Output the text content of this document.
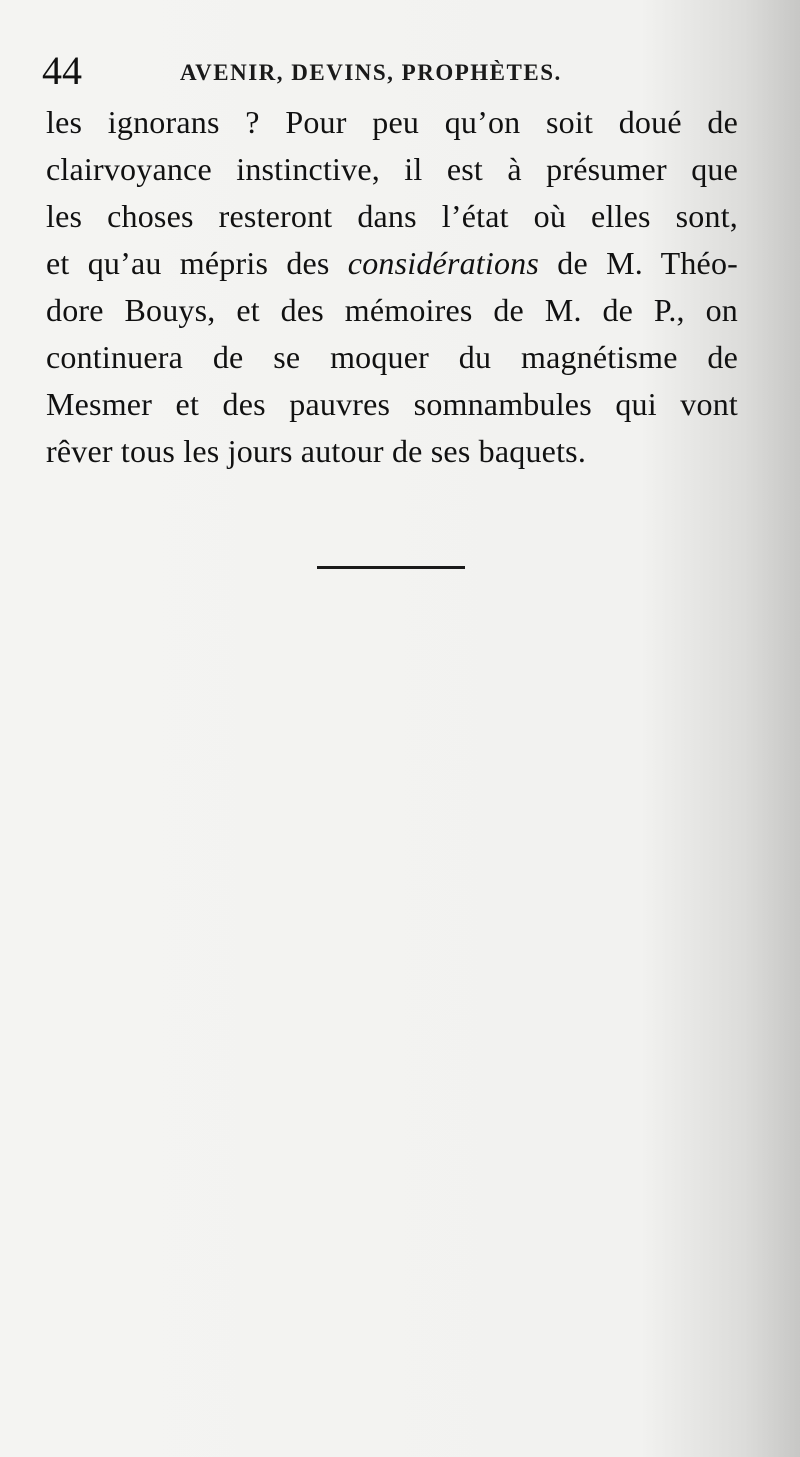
44	AVENIR, DEVINS, PROPHÈTES.
les ignorans ? Pour peu qu’on soit doué de
clairvoyance instinctive, il est à présumer que
les choses resteront dans l’état où elles sont,
et qu’au mépris des considérations de M. Théo-
dore Bouys, et des mémoires de M. de P., on
continuera de se moquer du magnétisme de
Mesmer et des pauvres somnambules qui vont
rêver tous les jours autour de ses baquets.
